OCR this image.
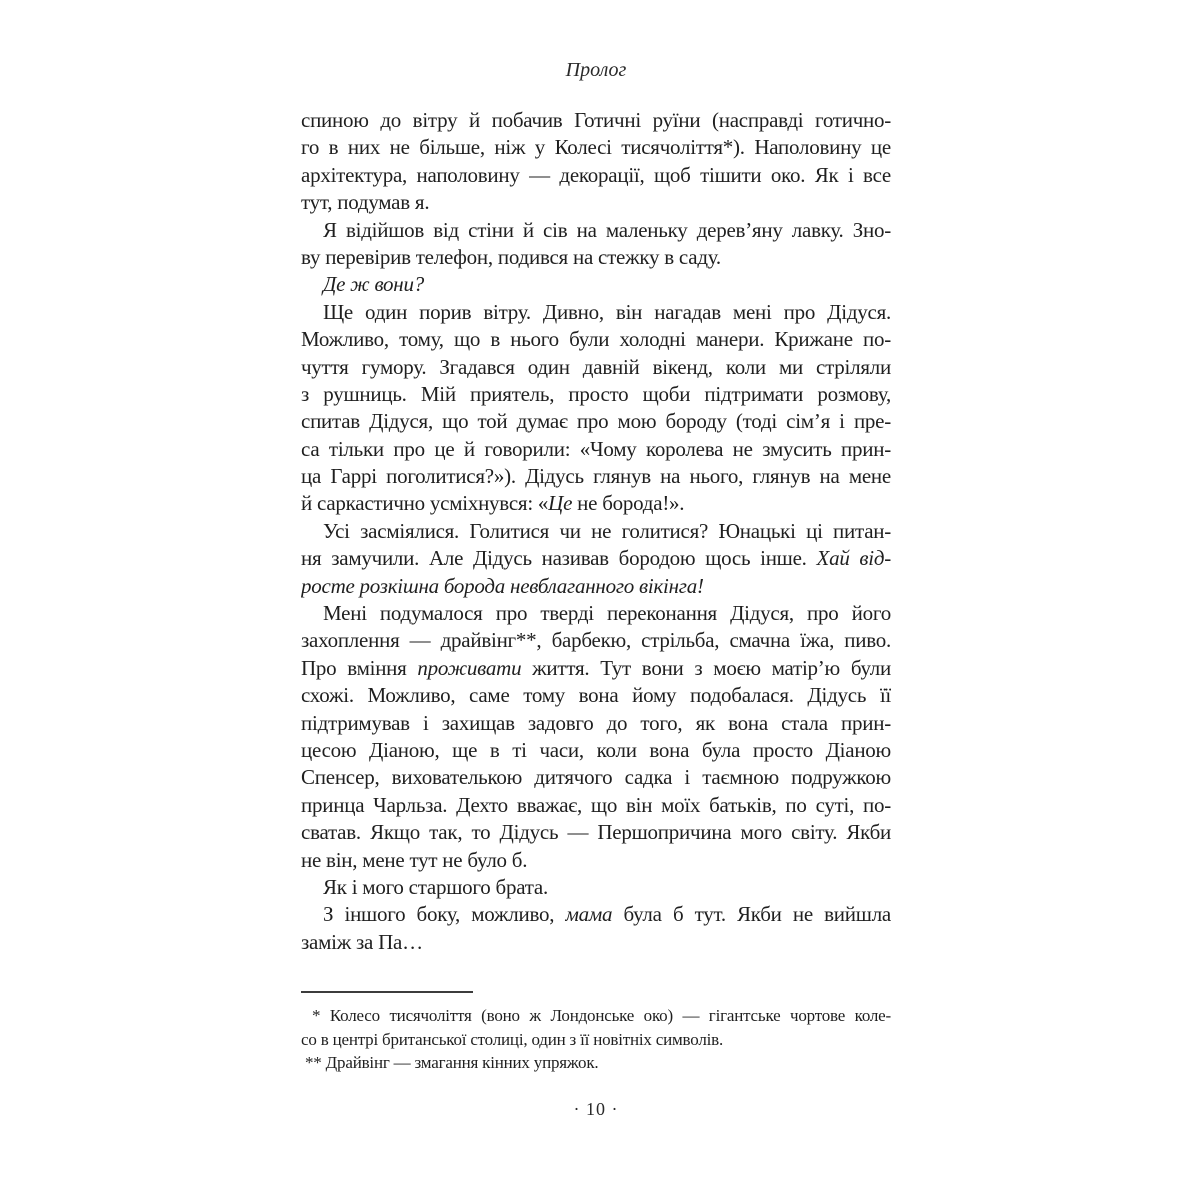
Пролог
спиною до вітру й побачив Готичні руїни (насправді готично-
го в них не більше, ніж у Колесі тисячоліття*). Наполовину це
архітектура, наполовину — декорації, щоб тішити око. Як і все
тут, подумав я.
Я відійшов від стіни й сів на маленьку дерев’яну лавку. Зно-
ву перевірив телефон, подився на стежку в саду.
Де ж вони?
Ще один порив вітру. Дивно, він нагадав мені про Дідуся.
Можливо, тому, що в нього були холодні манери. Крижане по-
чуття гумору. Згадався один давній вікенд, коли ми стріляли
з рушниць. Мій приятель, просто щоби підтримати розмову,
спитав Дідуся, що той думає про мою бороду (тоді сім’я і пре-
са тільки про це й говорили: «Чому королева не змусить прин-
ца Гаррі поголитися?»). Дідусь глянув на нього, глянув на мене
й саркастично усміхнувся: «Це не борода!».
Усі засміялися. Голитися чи не голитися? Юнацькі ці питан-
ня замучили. Але Дідусь називав бородою щось інше. Хай від-
росте розкішна борода невблаганного вікінга!
Мені подумалося про тверді переконання Дідуся, про його
захоплення — драйвінг**, барбекю, стрільба, смачна їжа, пиво.
Про вміння проживати життя. Тут вони з моєю матір’ю були
схожі. Можливо, саме тому вона йому подобалася. Дідусь її
підтримував і захищав задовго до того, як вона стала прин-
цесою Діаною, ще в ті часи, коли вона була просто Діаною
Спенсер, вихователькою дитячого садка і таємною подружкою
принца Чарльза. Дехто вважає, що він моїх батьків, по суті, по-
сватав. Якщо так, то Дідусь — Першопричина мого світу. Якби
не він, мене тут не було б.
Як і мого старшого брата.
З іншого боку, можливо, мама була б тут. Якби не вийшла
заміж за Па…
* Колесо тисячоліття (воно ж Лондонське око) — гігантське чортове коле-
со в центрі британської столиці, один з її новітніх символів.
** Драйвінг — змагання кінних упряжок.
· 10 ·
